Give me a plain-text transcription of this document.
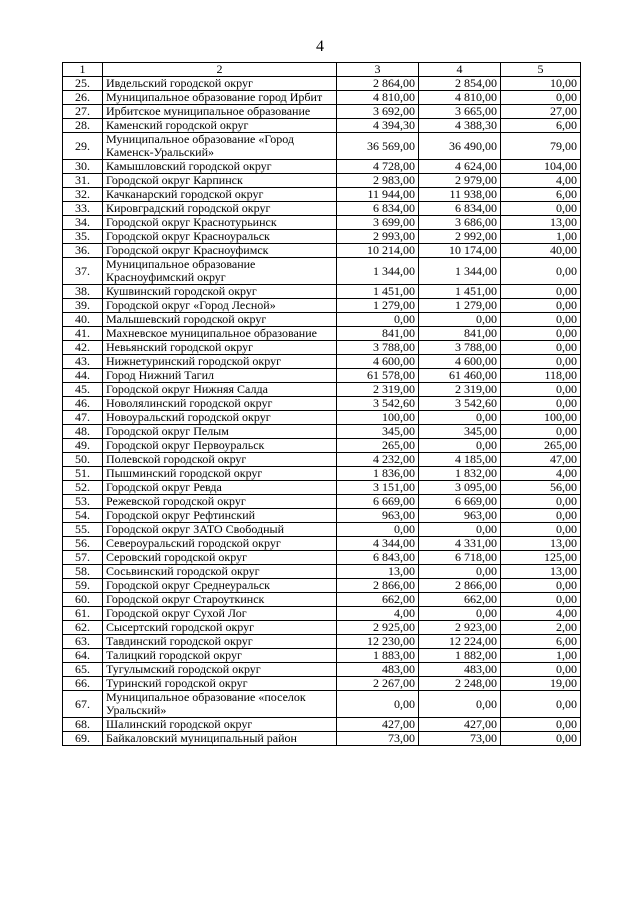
4
1	2	3	4	5
25.	Ивдельский городской округ	2 864,00	2 854,00	10,00
26.	Муниципальное образование город Ирбит	4 810,00	4 810,00	0,00
27.	Ирбитское муниципальное образование	3 692,00	3 665,00	27,00
28.	Каменский городской округ	4 394,30	4 388,30	6,00
29.	Муниципальное образование «Город Каменск-Уральский»	36 569,00	36 490,00	79,00
30.	Камышловский городской округ	4 728,00	4 624,00	104,00
31.	Городской округ Карпинск	2 983,00	2 979,00	4,00
32.	Качканарский городской округ	11 944,00	11 938,00	6,00
33.	Кировградский городской округ	6 834,00	6 834,00	0,00
34.	Городской округ Краснотурьинск	3 699,00	3 686,00	13,00
35.	Городской округ Красноуральск	2 993,00	2 992,00	1,00
36.	Городской округ Красноуфимск	10 214,00	10 174,00	40,00
37.	Муниципальное образование Красноуфимский округ	1 344,00	1 344,00	0,00
38.	Кушвинский городской округ	1 451,00	1 451,00	0,00
39.	Городской округ «Город Лесной»	1 279,00	1 279,00	0,00
40.	Малышевский городской округ	0,00	0,00	0,00
41.	Махневское муниципальное образование	841,00	841,00	0,00
42.	Невьянский городской округ	3 788,00	3 788,00	0,00
43.	Нижнетуринский городской округ	4 600,00	4 600,00	0,00
44.	Город Нижний Тагил	61 578,00	61 460,00	118,00
45.	Городской округ Нижняя Салда	2 319,00	2 319,00	0,00
46.	Новолялинский городской округ	3 542,60	3 542,60	0,00
47.	Новоуральский городской округ	100,00	0,00	100,00
48.	Городской округ Пелым	345,00	345,00	0,00
49.	Городской округ Первоуральск	265,00	0,00	265,00
50.	Полевской городской округ	4 232,00	4 185,00	47,00
51.	Пышминский городской округ	1 836,00	1 832,00	4,00
52.	Городской округ Ревда	3 151,00	3 095,00	56,00
53.	Режевской городской округ	6 669,00	6 669,00	0,00
54.	Городской округ Рефтинский	963,00	963,00	0,00
55.	Городской округ ЗАТО Свободный	0,00	0,00	0,00
56.	Североуральский городской округ	4 344,00	4 331,00	13,00
57.	Серовский городской округ	6 843,00	6 718,00	125,00
58.	Сосьвинский городской округ	13,00	0,00	13,00
59.	Городской округ Среднеуральск	2 866,00	2 866,00	0,00
60.	Городской округ Староуткинск	662,00	662,00	0,00
61.	Городской округ Сухой Лог	4,00	0,00	4,00
62.	Сысертский городской округ	2 925,00	2 923,00	2,00
63.	Тавдинский городской округ	12 230,00	12 224,00	6,00
64.	Талицкий городской округ	1 883,00	1 882,00	1,00
65.	Тугулымский городской округ	483,00	483,00	0,00
66.	Туринский городской округ	2 267,00	2 248,00	19,00
67.	Муниципальное образование «поселок Уральский»	0,00	0,00	0,00
68.	Шалинский городской округ	427,00	427,00	0,00
69.	Байкаловский муниципальный район	73,00	73,00	0,00
